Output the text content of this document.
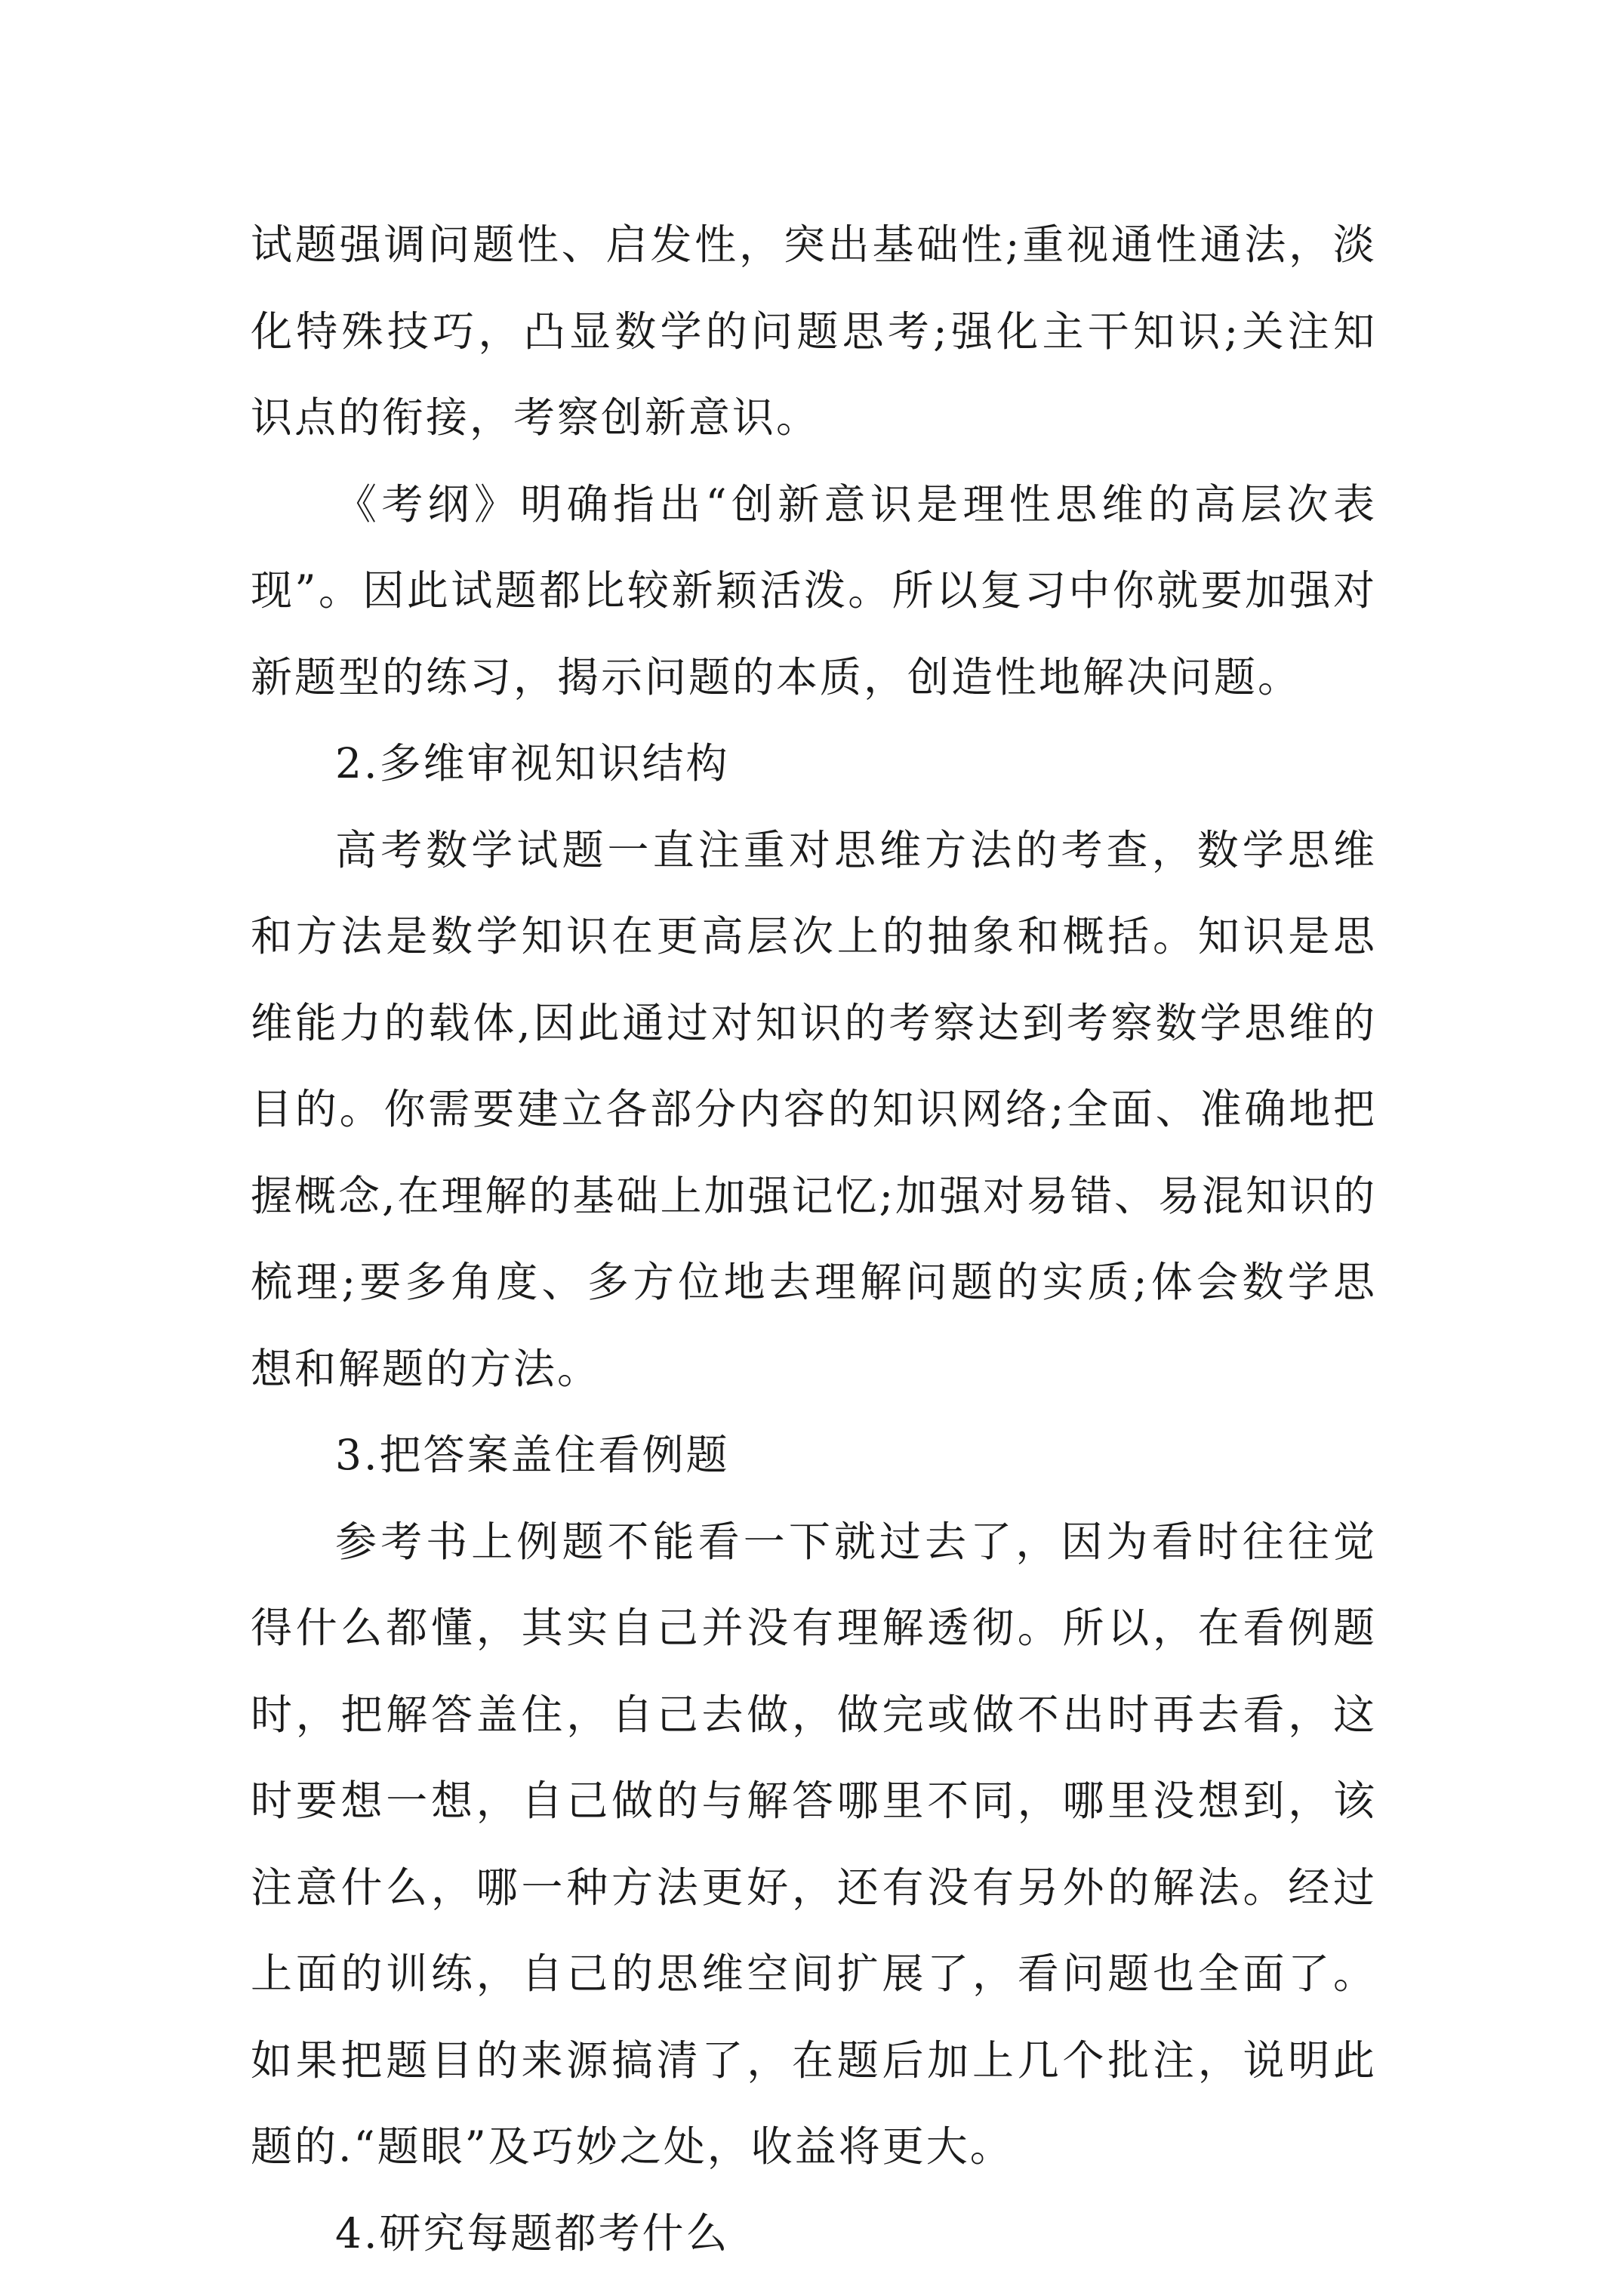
试题强调问题性、启发性，突出基础性;重视通性通法，淡化特殊技巧，凸显数学的问题思考;强化主干知识;关注知识点的衔接，考察创新意识。

《考纲》明确指出“创新意识是理性思维的高层次表现”。因此试题都比较新颖活泼。所以复习中你就要加强对新题型的练习，揭示问题的本质，创造性地解决问题。

2.多维审视知识结构

高考数学试题一直注重对思维方法的考查，数学思维和方法是数学知识在更高层次上的抽象和概括。知识是思维能力的载体,因此通过对知识的考察达到考察数学思维的目的。你需要建立各部分内容的知识网络;全面、准确地把握概念,在理解的基础上加强记忆;加强对易错、易混知识的梳理;要多角度、多方位地去理解问题的实质;体会数学思想和解题的方法。

3.把答案盖住看例题

参考书上例题不能看一下就过去了，因为看时往往觉得什么都懂，其实自己并没有理解透彻。所以，在看例题时，把解答盖住，自己去做，做完或做不出时再去看，这时要想一想，自己做的与解答哪里不同，哪里没想到，该注意什么，哪一种方法更好，还有没有另外的解法。经过上面的训练，自己的思维空间扩展了，看问题也全面了。如果把题目的来源搞清了，在题后加上几个批注，说明此题的.“题眼”及巧妙之处，收益将更大。

4.研究每题都考什么
